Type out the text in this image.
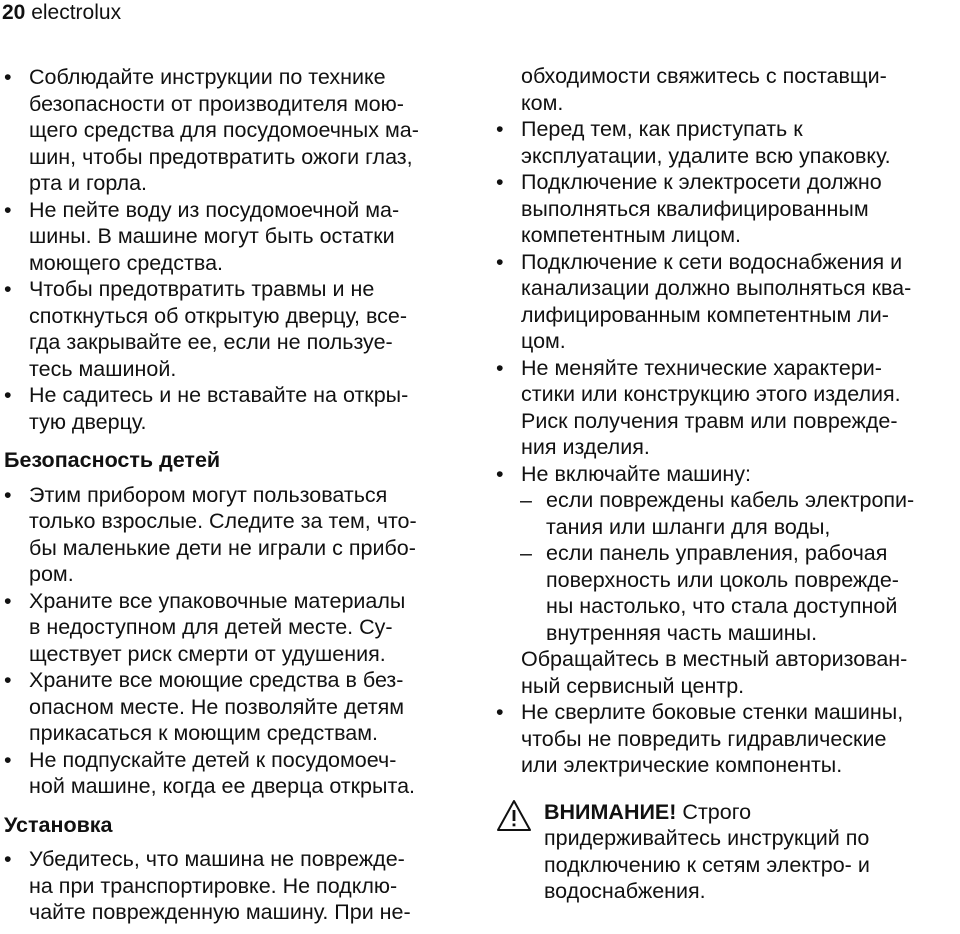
20 electrolux
• Соблюдайте инструкции по технике
безопасности от производителя мою-
щего средства для посудомоечных ма-
шин, чтобы предотвратить ожоги глаз,
рта и горла.
• Не пейте воду из посудомоечной ма-
шины. В машине могут быть остатки
моющего средства.
• Чтобы предотвратить травмы и не
споткнуться об открытую дверцу, все-
гда закрывайте ее, если не пользуе-
тесь машиной.
• Не садитесь и не вставайте на откры-
тую дверцу.
Безопасность детей
• Этим прибором могут пользоваться
только взрослые. Следите за тем, что-
бы маленькие дети не играли с прибо-
ром.
• Храните все упаковочные материалы
в недоступном для детей месте. Су-
ществует риск смерти от удушения.
• Храните все моющие средства в без-
опасном месте. Не позволяйте детям
прикасаться к моющим средствам.
• Не подпускайте детей к посудомоеч-
ной машине, когда ее дверца открыта.
Установка
• Убедитесь, что машина не поврежде-
на при транспортировке. Не подклю-
чайте поврежденную машину. При не-
обходимости свяжитесь с поставщи-
ком.
• Перед тем, как приступать к
эксплуатации, удалите всю упаковку.
• Подключение к электросети должно
выполняться квалифицированным
компетентным лицом.
• Подключение к сети водоснабжения и
канализации должно выполняться ква-
лифицированным компетентным ли-
цом.
• Не меняйте технические характери-
стики или конструкцию этого изделия.
Риск получения травм или поврежде-
ния изделия.
• Не включайте машину:
– если повреждены кабель электропи-
тания или шланги для воды,
– если панель управления, рабочая
поверхность или цоколь поврежде-
ны настолько, что стала доступной
внутренняя часть машины.
Обращайтесь в местный авторизован-
ный сервисный центр.
• Не сверлите боковые стенки машины,
чтобы не повредить гидравлические
или электрические компоненты.
ВНИМАНИЕ! Строго
придерживайтесь инструкций по
подключению к сетям электро- и
водоснабжения.
